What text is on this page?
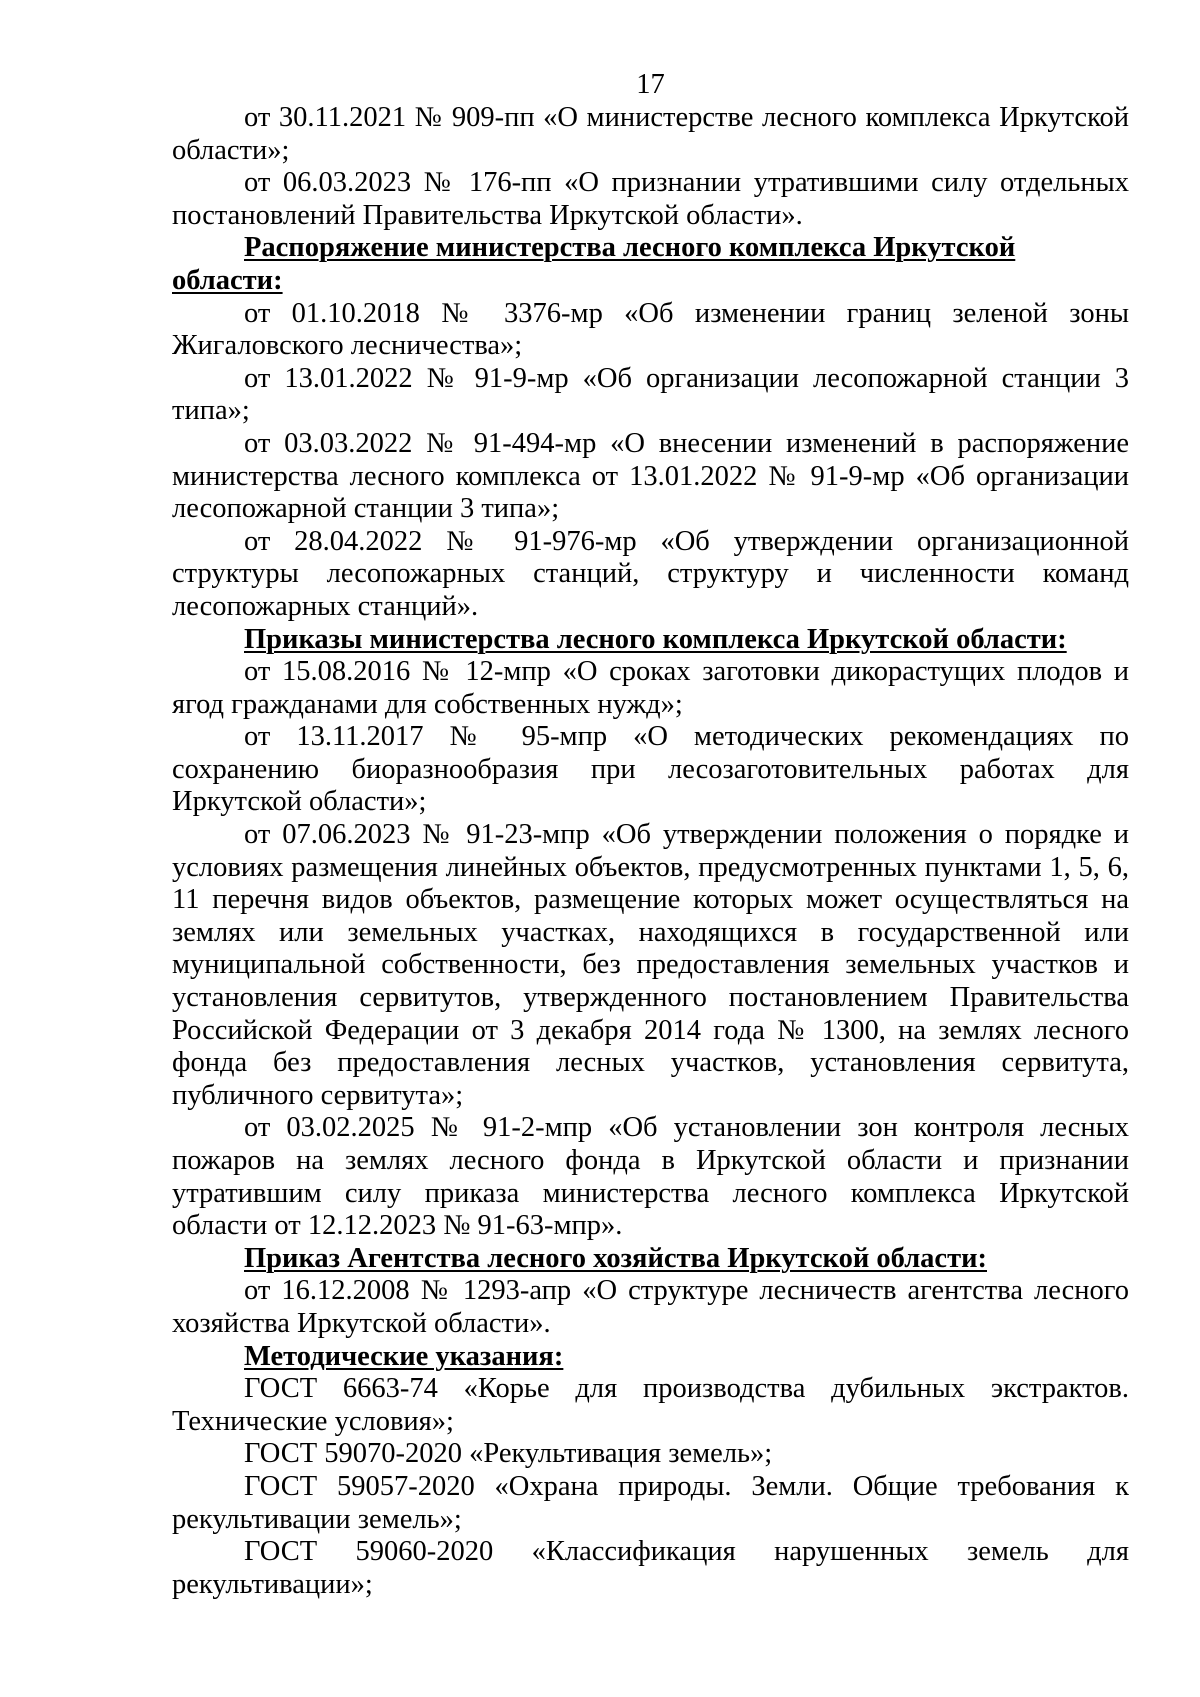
17

от 30.11.2021 № 909-пп «О министерстве лесного комплекса Иркутской области»;

от 06.03.2023 № 176-пп «О признании утратившими силу отдельных постановлений Правительства Иркутской области».

Распоряжение министерства лесного комплекса Иркутской области:

от 01.10.2018 № 3376-мр «Об изменении границ зеленой зоны Жигаловского лесничества»;

от 13.01.2022 № 91-9-мр «Об организации лесопожарной станции 3 типа»;

от 03.03.2022 № 91-494-мр «О внесении изменений в распоряжение министерства лесного комплекса от 13.01.2022 № 91-9-мр «Об организации лесопожарной станции 3 типа»;

от 28.04.2022 № 91-976-мр «Об утверждении организационной структуры лесопожарных станций, структуру и численности команд лесопожарных станций».

Приказы министерства лесного комплекса Иркутской области:

от 15.08.2016 № 12-мпр «О сроках заготовки дикорастущих плодов и ягод гражданами для собственных нужд»;

от 13.11.2017 № 95-мпр «О методических рекомендациях по сохранению биоразнообразия при лесозаготовительных работах для Иркутской области»;

от 07.06.2023 № 91-23-мпр «Об утверждении положения о порядке и условиях размещения линейных объектов, предусмотренных пунктами 1, 5, 6, 11 перечня видов объектов, размещение которых может осуществляться на землях или земельных участках, находящихся в государственной или муниципальной собственности, без предоставления земельных участков и установления сервитутов, утвержденного постановлением Правительства Российской Федерации от 3 декабря 2014 года № 1300, на землях лесного фонда без предоставления лесных участков, установления сервитута, публичного сервитута»;

от 03.02.2025 № 91-2-мпр «Об установлении зон контроля лесных пожаров на землях лесного фонда в Иркутской области и признании утратившим силу приказа министерства лесного комплекса Иркутской области от 12.12.2023 № 91-63-мпр».

Приказ Агентства лесного хозяйства Иркутской области:

от 16.12.2008 № 1293-апр «О структуре лесничеств агентства лесного хозяйства Иркутской области».

Методические указания:

ГОСТ 6663-74 «Корье для производства дубильных экстрактов. Технические условия»;

ГОСТ 59070-2020 «Рекультивация земель»;

ГОСТ 59057-2020 «Охрана природы. Земли. Общие требования к рекультивации земель»;

ГОСТ 59060-2020 «Классификация нарушенных земель для рекультивации»;
